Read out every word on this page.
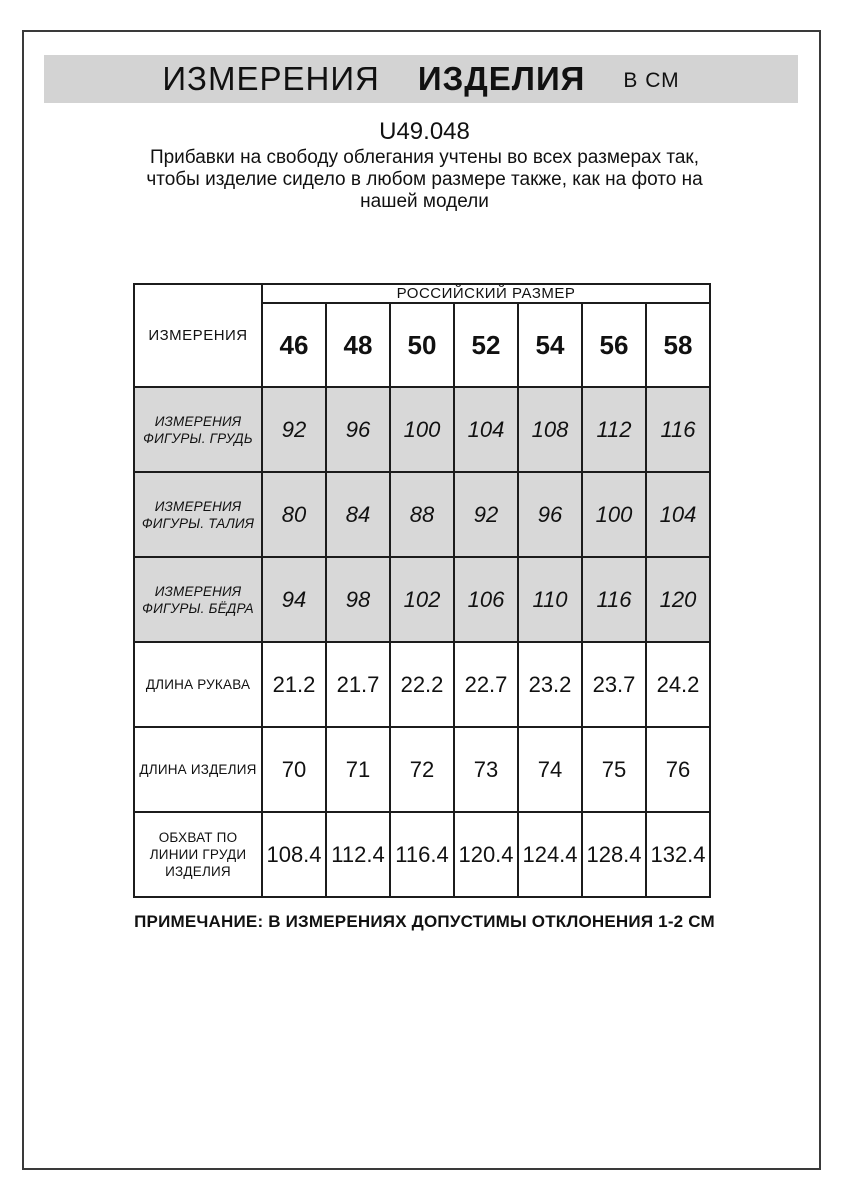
ИЗМЕРЕНИЯ ИЗДЕЛИЯ В СМ
U49.048
Прибавки на свободу облегания учтены во всех размерах так,
чтобы изделие сидело в любом размере также, как на фото на
нашей модели
ИЗМЕРЕНИЯ	РОССИЙСКИЙ РАЗМЕР						
	46	48	50	52	54	56	58
ИЗМЕРЕНИЯ ФИГУРЫ. ГРУДЬ	92	96	100	104	108	112	116
ИЗМЕРЕНИЯ ФИГУРЫ. ТАЛИЯ	80	84	88	92	96	100	104
ИЗМЕРЕНИЯ ФИГУРЫ. БЁДРА	94	98	102	106	110	116	120
ДЛИНА РУКАВА	21.2	21.7	22.2	22.7	23.2	23.7	24.2
ДЛИНА ИЗДЕЛИЯ	70	71	72	73	74	75	76
ОБХВАТ ПО ЛИНИИ ГРУДИ ИЗДЕЛИЯ	108.4	112.4	116.4	120.4	124.4	128.4	132.4
ПРИМЕЧАНИЕ: В ИЗМЕРЕНИЯХ ДОПУСТИМЫ ОТКЛОНЕНИЯ 1-2 СМ
